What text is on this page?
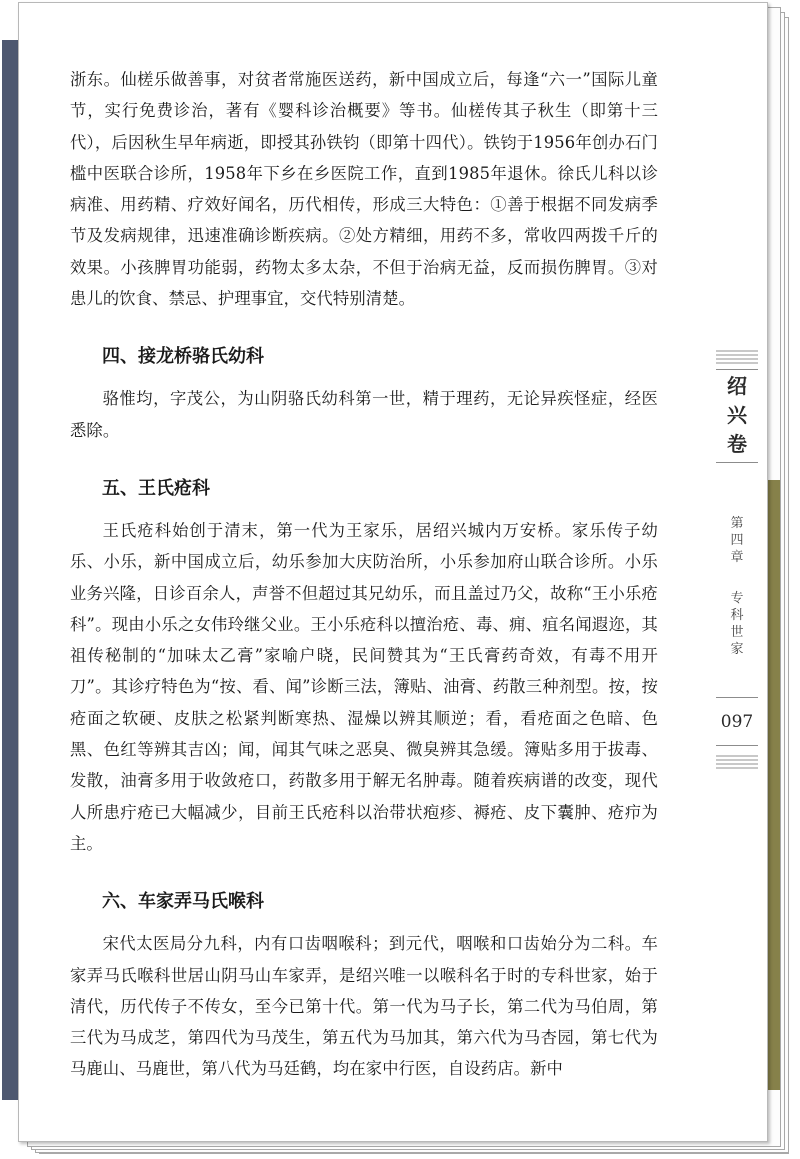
浙东。仙槎乐做善事，对贫者常施医送药，新中国成立后，每逢“六一”国际儿童节，实行免费诊治，著有《婴科诊治概要》等书。仙槎传其子秋生（即第十三代），后因秋生早年病逝，即授其孙铁钧（即第十四代）。铁钧于1956年创办石门槛中医联合诊所，1958年下乡在乡医院工作，直到1985年退休。徐氏儿科以诊病准、用药精、疗效好闻名，历代相传，形成三大特色：①善于根据不同发病季节及发病规律，迅速准确诊断疾病。②处方精细，用药不多，常收四两拨千斤的效果。小孩脾胃功能弱，药物太多太杂，不但于治病无益，反而损伤脾胃。③对患儿的饮食、禁忌、护理事宜，交代特别清楚。

四、接龙桥骆氏幼科

骆惟均，字茂公，为山阴骆氏幼科第一世，精于理药，无论异疾怪症，经医悉除。

五、王氏疮科

王氏疮科始创于清末，第一代为王家乐，居绍兴城内万安桥。家乐传子幼乐、小乐，新中国成立后，幼乐参加大庆防治所，小乐参加府山联合诊所。小乐业务兴隆，日诊百余人，声誉不但超过其兄幼乐，而且盖过乃父，故称“王小乐疮科”。现由小乐之女伟玲继父业。王小乐疮科以擅治疮、毒、痈、疽名闻遐迩，其祖传秘制的“加味太乙膏”家喻户晓，民间赞其为“王氏膏药奇效，有毒不用开刀”。其诊疗特色为“按、看、闻”诊断三法，簿贴、油膏、药散三种剂型。按，按疮面之软硬、皮肤之松紧判断寒热、湿燥以辨其顺逆；看，看疮面之色暗、色黑、色红等辨其吉凶；闻，闻其气味之恶臭、微臭辨其急缓。簿贴多用于拔毒、发散，油膏多用于收敛疮口，药散多用于解无名肿毒。随着疾病谱的改变，现代人所患疔疮已大幅减少，目前王氏疮科以治带状疱疹、褥疮、皮下囊肿、疮疖为主。

六、车家弄马氏喉科

宋代太医局分九科，内有口齿咽喉科；到元代，咽喉和口齿始分为二科。车家弄马氏喉科世居山阴马山车家弄，是绍兴唯一以喉科名于时的专科世家，始于清代，历代传子不传女，至今已第十代。第一代为马子长，第二代为马伯周，第三代为马成芝，第四代为马茂生，第五代为马加其，第六代为马杏园，第七代为马鹿山、马鹿世，第八代为马廷鹤，均在家中行医，自设药店。新中

绍
兴
卷
第
四
章
专
科
世
家
097
